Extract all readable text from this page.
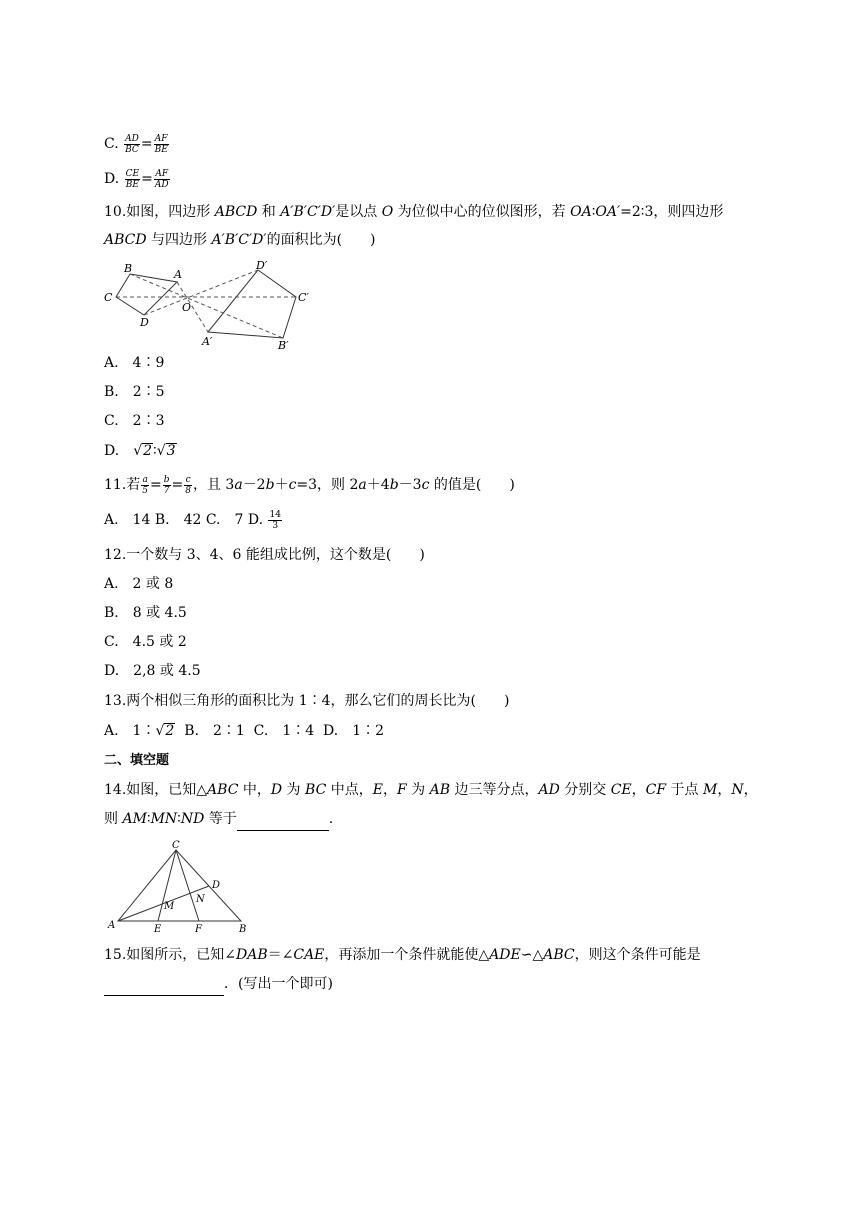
C. $\frac{AD}{BC} = \frac{AF}{BE}$
D. $\frac{CE}{BE} = \frac{AF}{AD}$
10.如图，四边形 ABCD 和 A′B′C′D′是以点 O 为位似中心的位似图形，若 OA∶OA′=2∶3，则四边形
ABCD 与四边形 A′B′C′D′的面积比为(　　)
B	A
C
D
O
D′
C′
A′	B′
A.　4∶9
B.　2∶5
C.　2∶3
D.  √2∶√3
11.若 $\frac{a}{5} = \frac{b}{7} = \frac{c}{8}$ ，且 3a－2b＋c=3，则 2a＋4b－3c 的值是(　　)
A.　14 B.　42 C.　7 D. $\frac{14}{3}$
12.一个数与 3、4、6 能组成比例，这个数是(　　)
A.　2 或 8
B.　8 或 4.5
C.　4.5 或 2
D.　2,8 或 4.5
13.两个相似三角形的面积比为 1∶4，那么它们的周长比为(　　)
A.　1∶√2  B.　2∶1  C.　1∶4  D.　1∶2
二、填空题
14.如图，已知△ABC 中，D 为 BC 中点，E，F 为 AB 边三等分点，AD 分别交 CE，CF 于点 M，N，
则 AM∶MN∶ND 等于	.
C
D
M
N
A	E	F	B
15.如图所示，已知∠DAB＝∠CAE，再添加一个条件就能使△ADE∽△ABC，则这个条件可能是
．(写出一个即可)
